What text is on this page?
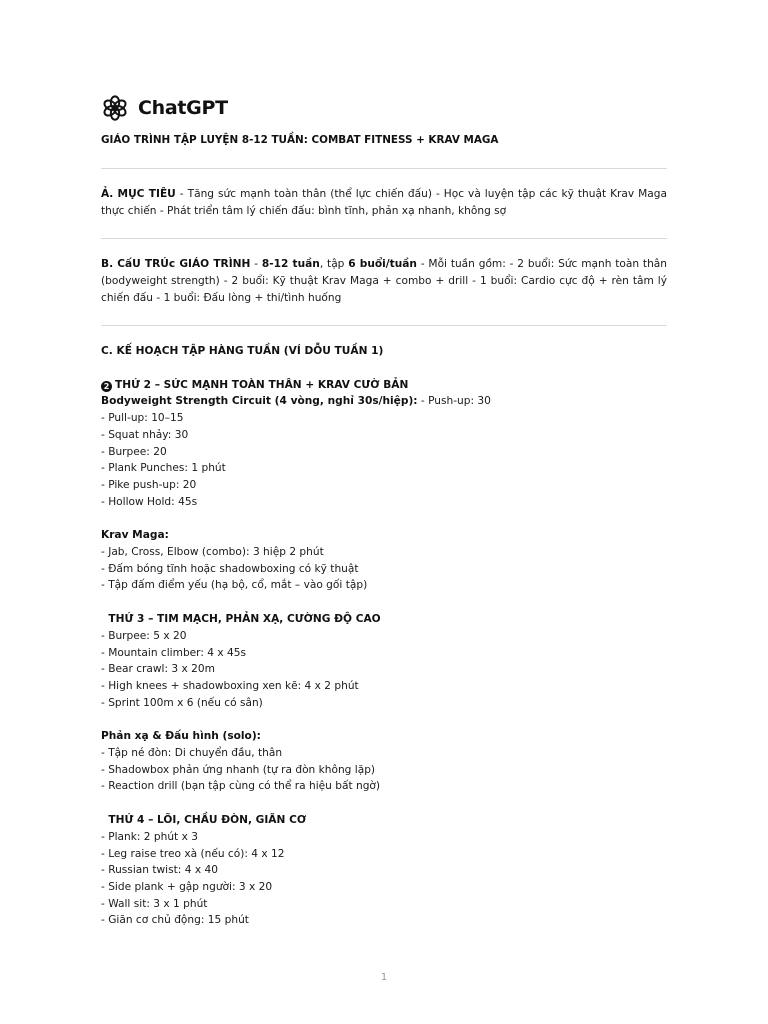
ChatGPT
GIÁO TRÌNH TẬP LUYỆN 8-12 TUẦN: COMBAT FITNESS + KRAV MAGA
Ả. MỤC TIÊU - Tăng sức mạnh toàn thân (thể lực chiến đấu) - Học và luyện tập các kỹ thuật Krav Maga thực chiến - Phát triển tâm lý chiến đấu: bình tĩnh, phản xạ nhanh, không sợ
B. CấU TRÚc GIÁO TRÌNH - 8-12 tuần, tập 6 buổi/tuần - Mỗi tuần gồm: - 2 buổi: Sức mạnh toàn thân (bodyweight strength) - 2 buổi: Kỹ thuật Krav Maga + combo + drill - 1 buổi: Cardio cực độ + rèn tâm lý chiến đấu - 1 buổi: Đấu lòng + thi/tình huống
C. KẾ HOẠCH TẬP HÀNG TUẦN (VÍ DỖU TUẦN 1)
2 THỨ 2 – SỨC MẠNH TOÀN THÂN + KRAV CƯỜ BẢN
Bodyweight Strength Circuit (4 vòng, nghỉ 30s/hiệp): - Push-up: 30
- Pull-up: 10–15
- Squat nhảy: 30
- Burpee: 20
- Plank Punches: 1 phút
- Pike push-up: 20
- Hollow Hold: 45s
Krav Maga:
- Jab, Cross, Elbow (combo): 3 hiệp 2 phút
- Đấm bóng tĩnh hoặc shadowboxing có kỹ thuật
- Tập đấm điểm yếu (hạ bộ, cổ, mắt – vào gối tập)
THỨ 3 – TIM MẠCH, PHẢN XẠ, CƯỜNG ĐỘ CAO
- Burpee: 5 x 20
- Mountain climber: 4 x 45s
- Bear crawl: 3 x 20m
- High knees + shadowboxing xen kẽ: 4 x 2 phút
- Sprint 100m x 6 (nếu có sân)
Phản xạ & Đấu hình (solo):
- Tập né đòn: Di chuyển đầu, thân
- Shadowbox phản ứng nhanh (tự ra đòn không lặp)
- Reaction drill (bạn tập cùng có thể ra hiệu bất ngờ)
THỨ 4 – LÕI, CHẦU ĐÒN, GIÃN CƠ
- Plank: 2 phút x 3
- Leg raise treo xà (nếu có): 4 x 12
- Russian twist: 4 x 40
- Side plank + gập người: 3 x 20
- Wall sit: 3 x 1 phút
- Giãn cơ chủ động: 15 phút
1
